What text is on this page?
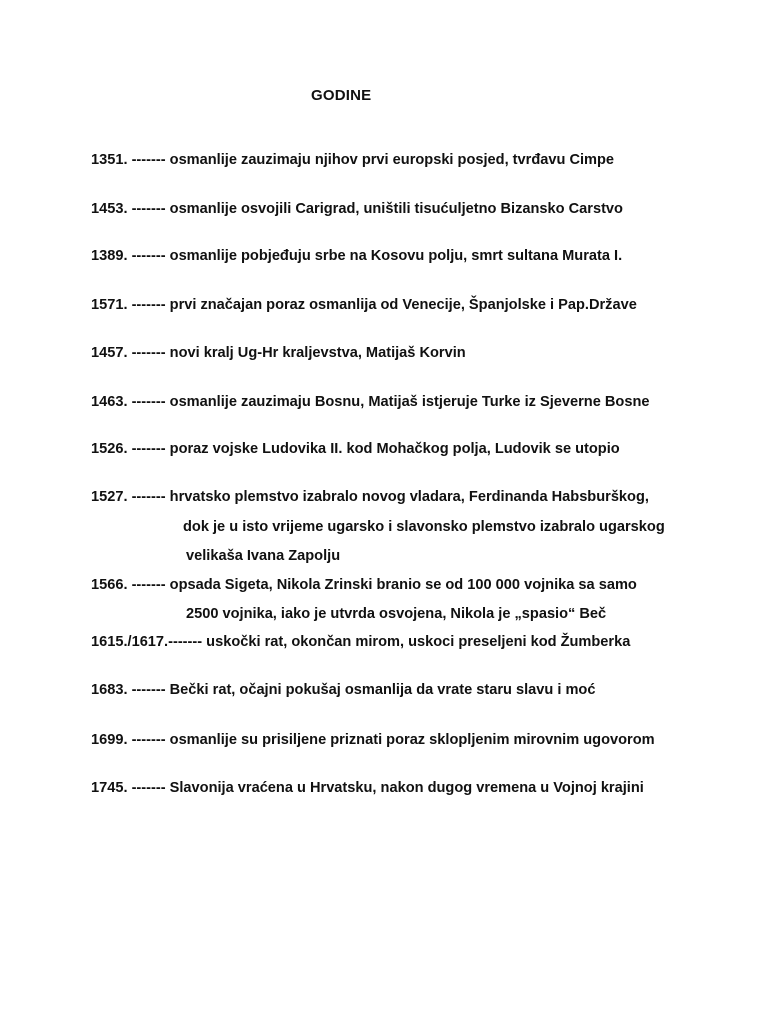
GODINE
1351. ------- osmanlije zauzimaju njihov prvi europski posjed, tvrđavu Cimpe
1453. ------- osmanlije osvojili Carigrad, uništili tisućuljetno Bizansko Carstvo
1389. ------- osmanlije pobjeđuju srbe na Kosovu polju, smrt sultana Murata I.
1571. ------- prvi značajan poraz osmanlija od Venecije, Španjolske i Pap.Države
1457. ------- novi kralj Ug-Hr kraljevstva, Matijaš Korvin
1463. ------- osmanlije zauzimaju Bosnu, Matijaš istjeruje Turke iz Sjeverne Bosne
1526. ------- poraz vojske Ludovika II. kod Mohačkog polja, Ludovik se utopio
1527. ------- hrvatsko plemstvo izabralo novog vladara, Ferdinanda Habsburškog,
dok je u isto vrijeme ugarsko i slavonsko plemstvo izabralo ugarskog
velikaša Ivana Zapolju
1566. ------- opsada Sigeta, Nikola Zrinski branio se od 100 000 vojnika sa samo
2500 vojnika, iako je utvrda osvojena, Nikola je „spasio“ Beč
1615./1617.------- uskočki rat, okončan mirom, uskoci preseljeni kod Žumberka
1683. ------- Bečki rat, očajni pokušaj osmanlija da vrate staru slavu i moć
1699. ------- osmanlije su prisiljene priznati poraz sklopljenim mirovnim ugovorom
1745. ------- Slavonija vraćena u Hrvatsku, nakon dugog vremena u Vojnoj krajini
